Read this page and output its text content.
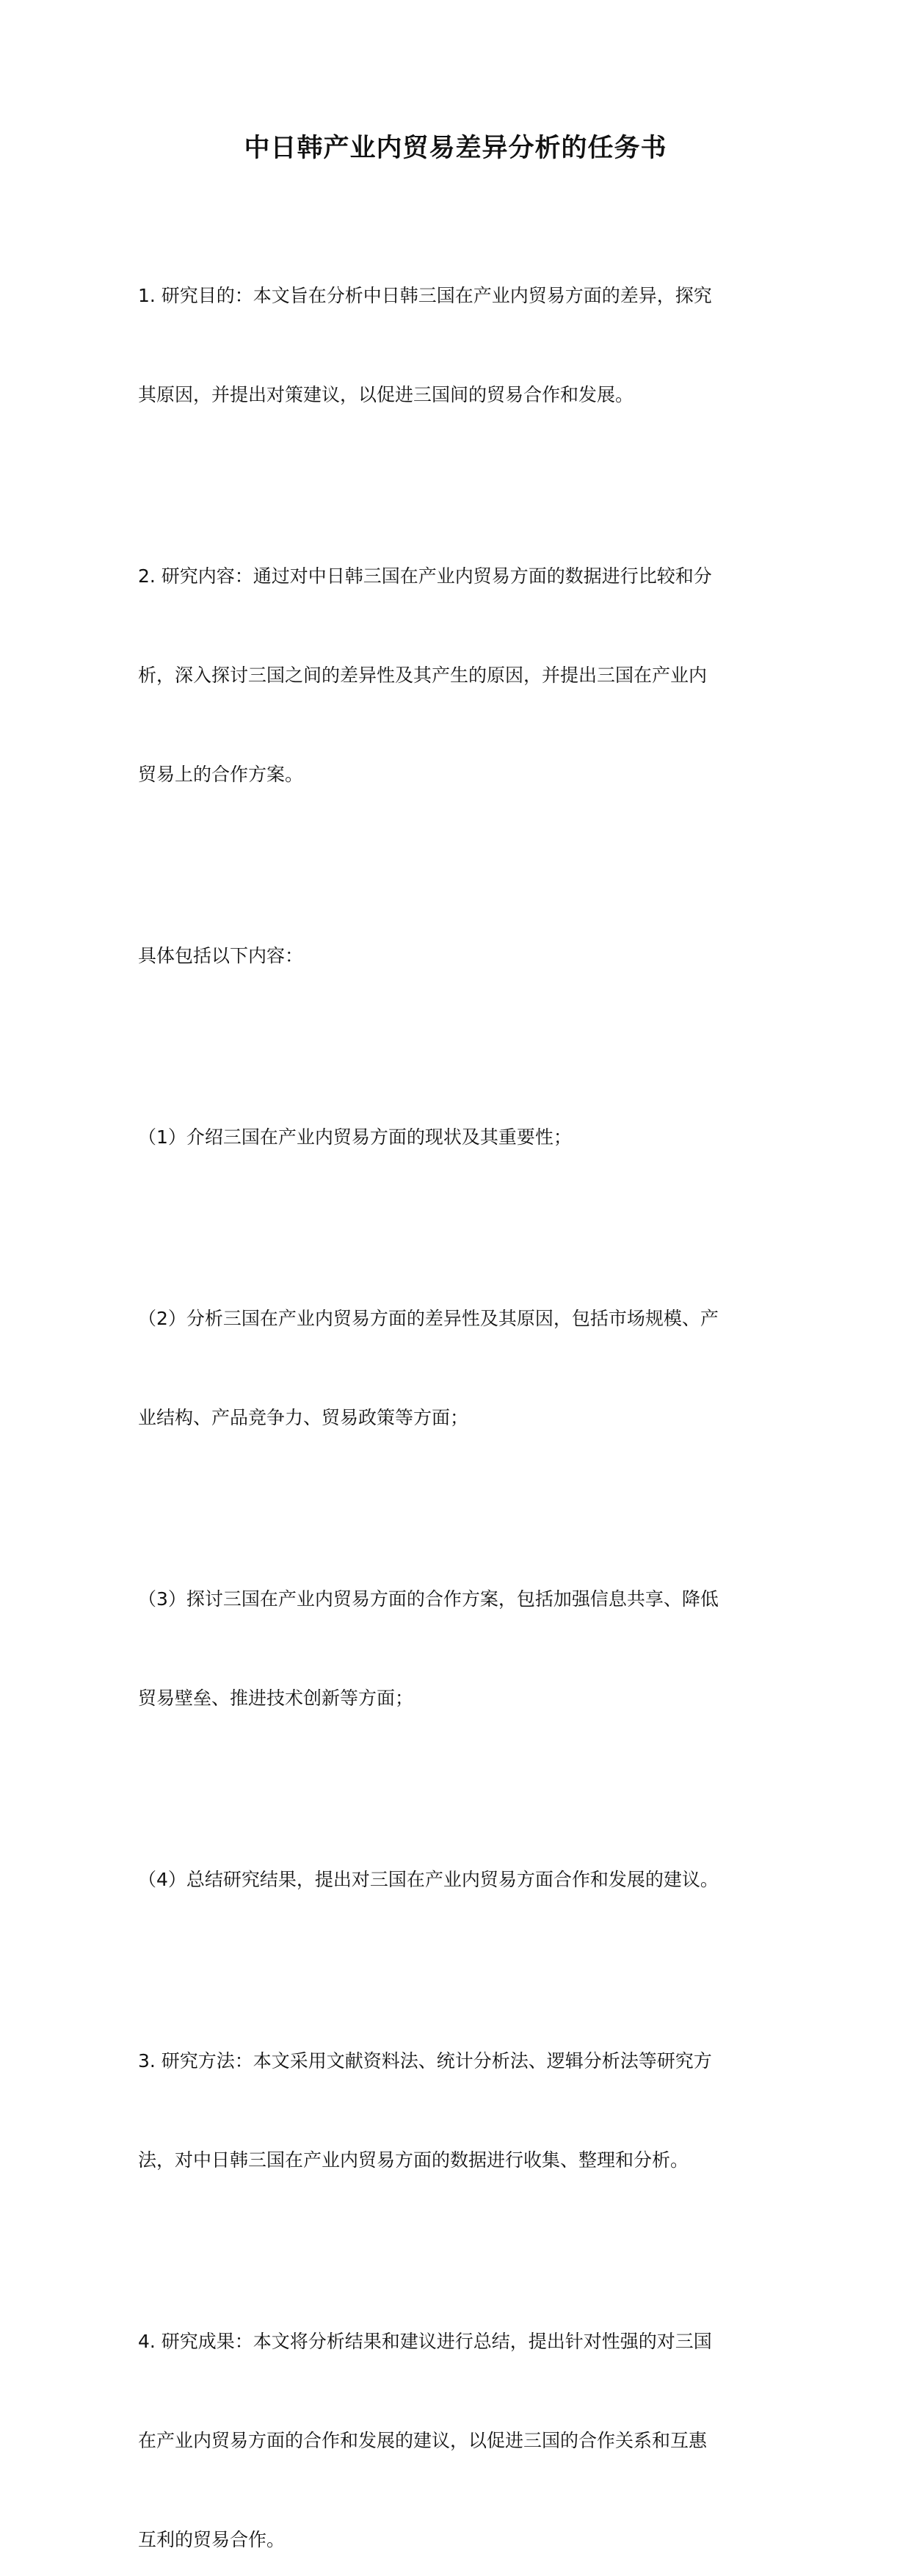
中日韩产业内贸易差异分析的任务书

1. 研究目的：本文旨在分析中日韩三国在产业内贸易方面的差异，探究

其原因，并提出对策建议，以促进三国间的贸易合作和发展。

2. 研究内容：通过对中日韩三国在产业内贸易方面的数据进行比较和分

析，深入探讨三国之间的差异性及其产生的原因，并提出三国在产业内

贸易上的合作方案。

具体包括以下内容：

（1）介绍三国在产业内贸易方面的现状及其重要性；

（2）分析三国在产业内贸易方面的差异性及其原因，包括市场规模、产

业结构、产品竞争力、贸易政策等方面；

（3）探讨三国在产业内贸易方面的合作方案，包括加强信息共享、降低

贸易壁垒、推进技术创新等方面；

（4）总结研究结果，提出对三国在产业内贸易方面合作和发展的建议。

3. 研究方法：本文采用文献资料法、统计分析法、逻辑分析法等研究方

法，对中日韩三国在产业内贸易方面的数据进行收集、整理和分析。

4. 研究成果：本文将分析结果和建议进行总结，提出针对性强的对三国

在产业内贸易方面的合作和发展的建议，以促进三国的合作关系和互惠

互利的贸易合作。
